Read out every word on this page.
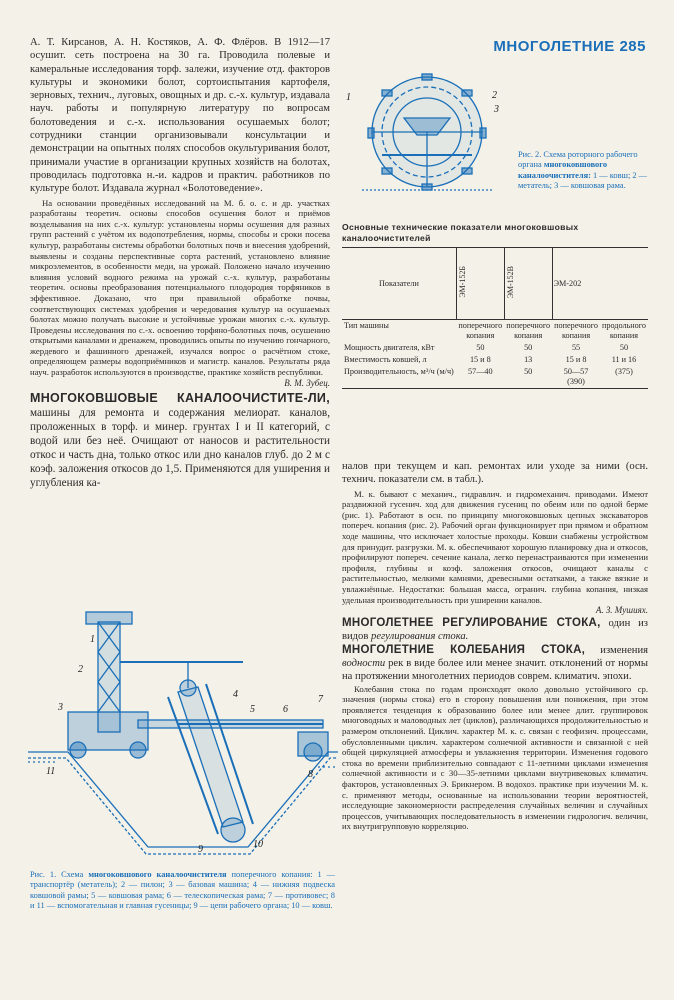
МНОГОЛЕТНИЕ 285

А. Т. Кирсанов, А. Н. Костяков, А. Ф. Флёров. В 1912—17 осушит. сеть построена на 30 га. Проводила полевые и камеральные исследования торф. залежи, изучение отд. факторов культуры и экономики болот, сортоиспытания картофеля, зерновых, технич., луговых, овощных и др. с.-х. культур, издавала науч. работы и популярную литературу по вопросам болотоведения и с.-х. использования осушаемых болот; сотрудники станции организовывали консультации и демонстрации на опытных полях способов окультуривания болот, принимали участие в организации крупных хозяйств на болотах, проводилась подготовка н.-и. кадров и практич. работников по культуре болот. Издавала журнал «Болотоведение».

На основании проведённых исследований на М. б. о. с. и др. участках разработаны теоретич. основы способов осушения болот и приёмов возделывания на них с.-х. культур: установлены нормы осушения для разных групп растений с учётом их водопотребления, нормы, способы и сроки посева культур, разработаны системы обработки болотных почв и внесения удобрений, выявлены и созданы перспективные сорта растений, установлено влияние микроэлементов, в особенности меди, на урожай. Положено начало изучению влияния условий водного режима на урожай с.-х. культур, разработаны теоретич. основы преобразования потенциального плодородия торфяников в эффективное. Доказано, что при правильной обработке почвы, соответствующих системах удобрения и чередования культур на осушаемых болотах можно получать высокие и устойчивые урожаи многих с.-х. культур. Проведены исследования по с.-х. освоению торфяно-болотных почв, осушению открытыми каналами и дренажем, проводились опыты по изучению гончарного, жердевого и фашинного дренажей, изучался вопрос о расчётном стоке, определяющем размеры водоприёмников и магистр. каналов. Результаты ряда науч. разработок используются в производстве, практике хозяйств республики.

В. М. Зубец.

МНОГОКОВШОВЫЕ КАНАЛООЧИСТИТЕ-ЛИ, машины для ремонта и содержания мелиорат. каналов, проложенных в торф. и минер. грунтах I и II категорий, с водой или без неё. Очищают от наносов и растительности откос и часть дна, только откос или дно каналов глуб. до 2 м с коэф. заложения откосов до 1,5. Применяются для уширения и углубления ка-

1
2
3
4
5	6
7
8
9	10
11
Рис. 1. Схема многоковшового каналоочистителя поперечного копания: 1 — транспортёр (метатель); 2 — пилон; 3 — базовая машина; 4 — нижняя подвеска ковшовой рамы; 5 — ковшовая рама; 6 — телескопическая рама; 7 — противовес; 8 и 11 — вспомогательная и главная гусеницы; 9 — цепи рабочего органа; 10 — ковш.
1	2
3
Рис. 2. Схема роторного рабочего органа многоковшового каналоочистителя: 1 — ковш; 2 — метатель; 3 — ковшовая рама.
Основные технические показатели многоковшовых каналоочистителей
Показатели	ЭМ-152Б	ЭМ-152В	ЭМ-202	
Тип машины	поперечного копания	поперечного копания	поперечного копания	продольного копания
Мощность двигателя, кВт	50	50	55	50
Вместимость ковшей, л	15 и 8	13	15 и 8	11 и 16
Производительность, м³/ч (м/ч)	57—40	50	50—57 (390)	(375)

налов при текущем и кап. ремонтах или уходе за ними (осн. технич. показатели см. в табл.).

М. к. бывают с механич., гидравлич. и гидромеханич. приводами. Имеют раздвижной гусенич. ход для движения гусениц по обеим или по одной берме (рис. 1). Работают в осн. по принципу многоковшовых цепных экскаваторов попереч. копания (рис. 2). Рабочий орган функционирует при прямом и обратном ходе машины, что исключает холостые проходы. Ковши снабжены устройством для принудит. разгрузки. М. к. обеспечивают хорошую планировку дна и откосов, профилируют попереч. сечение канала, легко перенастраиваются при изменении профиля, глубины и коэф. заложения откосов, очищают каналы с растительностью, мелкими камнями, древесными остатками, а также вязкие и увлажнённые. Недостатки: большая масса, огранич. глубина копания, низкая удельная производительность при уширении каналов.

А. З. Мушиях.

МНОГОЛЕТНЕЕ РЕГУЛИРОВАНИЕ СТОКА, один из видов регулирования стока.

МНОГОЛЕТНИЕ КОЛЕБАНИЯ СТОКА, изменения водности рек в виде более или менее значит. отклонений от нормы на протяжении многолетних периодов соврем. климатич. эпохи.

Колебания стока по годам происходят около довольно устойчивого ср. значения (нормы стока) его в сторону повышения или понижения, при этом проявляется тенденция к образованию более или менее длит. группировок многоводных и маловодных лет (циклов), различающихся продолжительностью и размером отклонений. Циклич. характер М. к. с. связан с геофизич. процессами, обусловленными циклич. характером солнечной активности и связанной с ней общей циркуляцией атмосферы и увлажнения территории. Изменения годового стока во времени приблизительно совпадают с 11-летними циклами изменения солнечной активности и с 30—35-летними циклами внутривековых климатич. факторов, установленных Э. Брикнером. В водохоз. практике при изучении М. к. с. применяют методы, основанные на использовании теории вероятностей, исследующие закономерности распределения случайных величин и случайных процессов, учитывающих последовательность в изменении гидрологич. величин, их внутригрупповую корреляцию.
